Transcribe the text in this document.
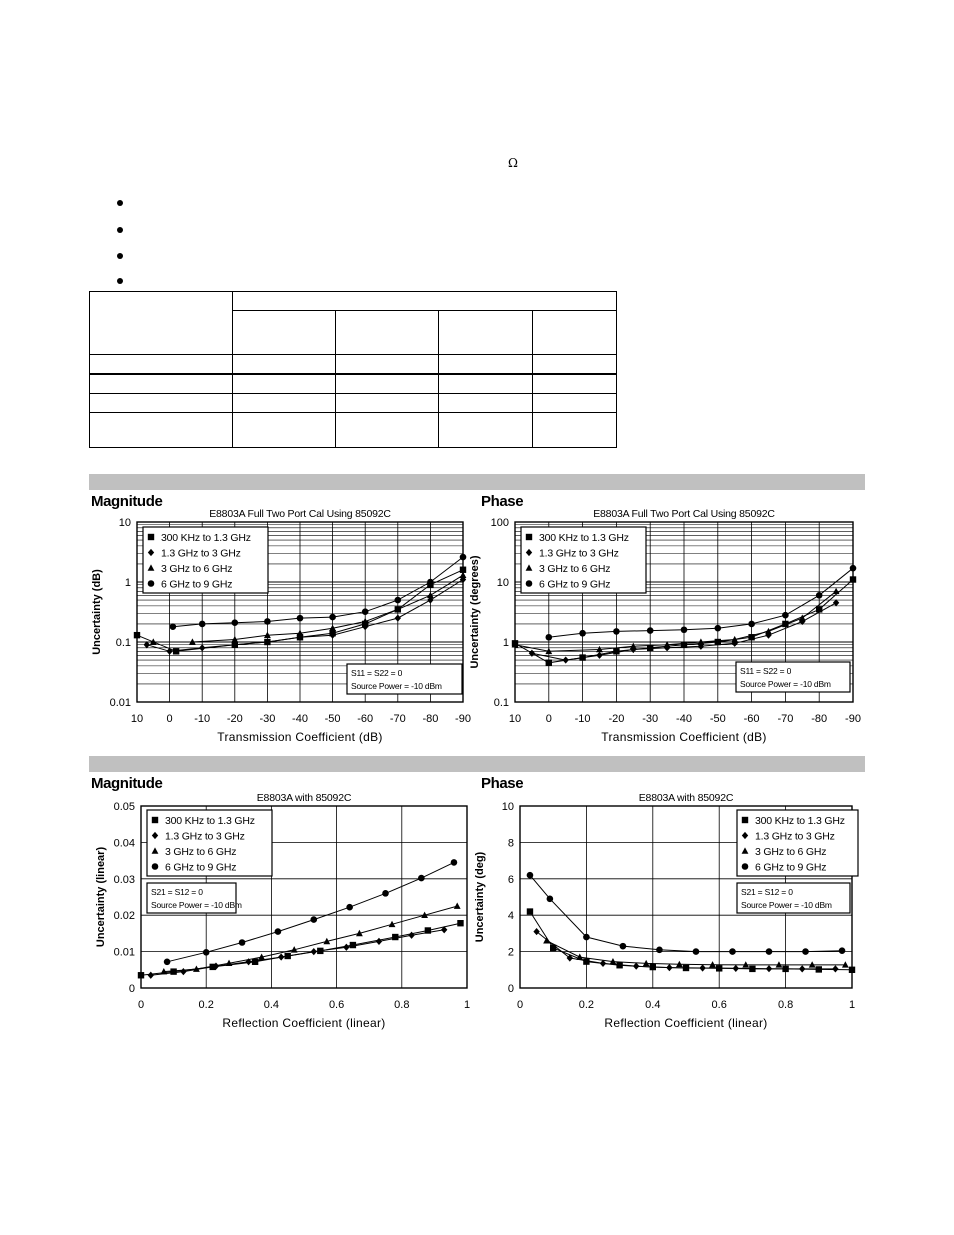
Ω

Magnitude	Phase
Magnitude	Phase
10 0 -10 -20 -30 -40 -50 -60 -70 -80 -90
10
1
0.1
0.01
E8803A Full Two Port Cal Using 85092C
Transmission Coefficient (dB)
Uncertainty (dB)
300 KHz to 1.3 GHz
1.3 GHz to 3 GHz
3 GHz to 6 GHz
6 GHz to 9 GHz
S11 = S22 = 0
Source Power = -10 dBm
10 0 -10 -20 -30 -40 -50 -60 -70 -80 -90
100
10
1
0.1
E8803A Full Two Port Cal Using 85092C
Transmission Coefficient (dB)
Uncertainty (degrees)
300 KHz to 1.3 GHz
1.3 GHz to 3 GHz
3 GHz to 6 GHz
6 GHz to 9 GHz
S11 = S22 = 0
Source Power = -10 dBm
0	0.2	0.4	0.6	0.8	1
0.05
0.04
0.03
0.02
0.01
0
E8803A with 85092C
Reflection Coefficient (linear)
Uncertainty (linear)
300 KHz to 1.3 GHz
1.3 GHz to 3 GHz
3 GHz to 6 GHz
6 GHz to 9 GHz
S21 = S12 = 0
Source Power = -10 dBm
0	0.2	0.4	0.6	0.8	1
10
8
6
4
2
0
E8803A with 85092C
Reflection Coefficient (linear)
Uncertainty (deg)
300 KHz to 1.3 GHz
1.3 GHz to 3 GHz
3 GHz to 6 GHz
6 GHz to 9 GHz
S21 = S12 = 0
Source Power = -10 dBm
